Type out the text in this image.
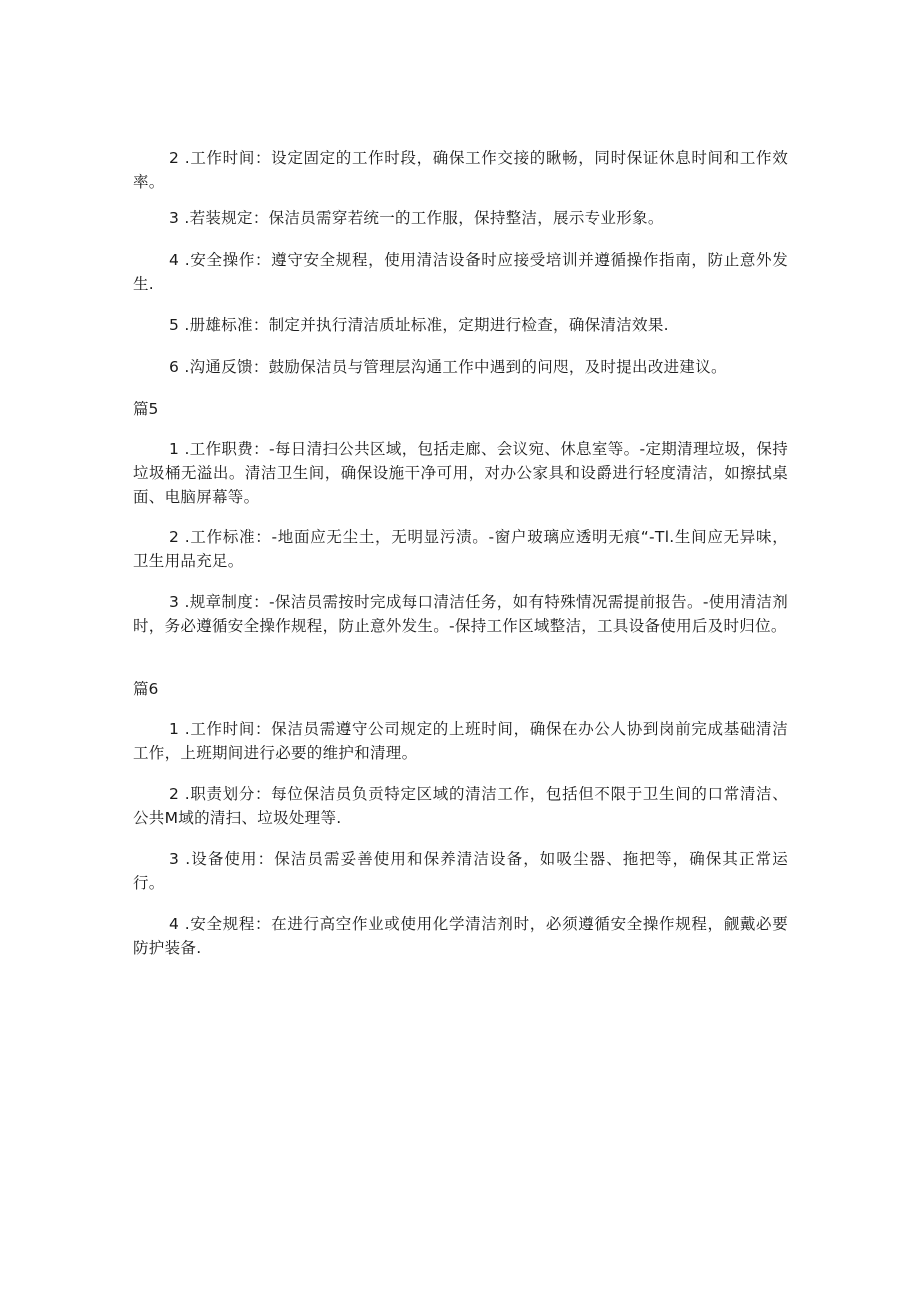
2 .工作时间：设定固定的工作时段，确保工作交接的瞅畅，同时保证休息时间和工作效率。

3 .若装规定：保洁员需穿若统一的工作服，保持整洁，展示专业形象。

4 .安全操作：遵守安全规程，使用清洁设备时应接受培训并遵循操作指南，防止意外发生.

5 .册雄标准：制定并执行清洁质址标准，定期进行检查，确保清洁效果.

6 .沟通反馈：鼓励保洁员与管理层沟通工作中遇到的问咫，及时提出改进建议。

篇5

1 .工作职费：-每日清扫公共区域，包括走廊、会议宛、休息室等。-定期清理垃圾，保持垃圾桶无溢出。清洁卫生间，确保设施干净可用，对办公家具和设爵进行轻度清洁，如擦拭桌面、电脑屏幕等。

2 .工作标准：-地面应无尘土，无明显污渍。-窗户玻璃应透明无痕“-Tl.生间应无异味，卫生用品充足。

3 .规章制度：-保洁员需按时完成每口清洁任务，如有特殊情况需提前报告。-使用清洁剂时，务必遵循安全操作规程，防止意外发生。-保持工作区域整洁，工具设备使用后及时归位。

篇6

1 .工作时间：保洁员需遵守公司规定的上班时间，确保在办公人协到岗前完成基础清洁工作，上班期间进行必要的维护和清理。

2 .职责划分：每位保洁员负贡特定区域的清洁工作，包括但不限于卫生间的口常清洁、公共M域的清扫、垃圾处理等.

3 .设备使用：保洁员需妥善使用和保养清洁设备，如吸尘器、拖把等，确保其正常运行。

4 .安全规程：在进行高空作业或使用化学清洁剂时，必须遵循安全操作规程，觎戴必要防护装备.
